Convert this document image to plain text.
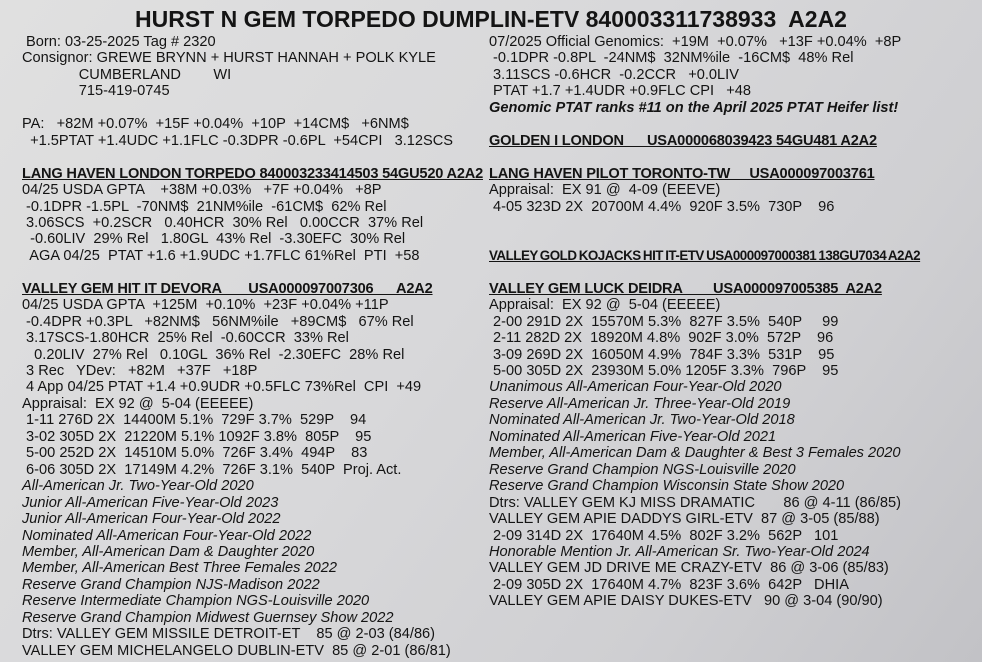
HURST N GEM TORPEDO DUMPLIN-ETV 840003311738933  A2A2
Born: 03-25-2025 Tag # 2320
Consignor: GREWE BRYNN + HURST HANNAH + POLK KYLE
CUMBERLAND        WI
715-419-0745
PA:   +82M +0.07%  +15F +0.04%  +10P  +14CM$   +6NM$
+1.5PTAT +1.4UDC +1.1FLC -0.3DPR -0.6PL  +54CPI   3.12SCS
LANG HAVEN LONDON TORPEDO 840003233414503 54GU520 A2A2
04/25 USDA GPTA    +38M +0.03%   +7F +0.04%   +8P
-0.1DPR -1.5PL  -70NM$  21NM%ile  -61CM$  62% Rel
3.06SCS  +0.2SCR   0.40HCR  30% Rel   0.00CCR  37% Rel
-0.60LIV  29% Rel   1.80GL  43% Rel  -3.30EFC  30% Rel
AGA 04/25  PTAT +1.6 +1.9UDC +1.7FLC 61%Rel  PTI  +58
VALLEY GEM HIT IT DEVORA       USA000097007306      A2A2
04/25 USDA GPTA  +125M  +0.10%  +23F +0.04% +11P
-0.4DPR +0.3PL   +82NM$   56NM%ile   +89CM$   67% Rel
3.17SCS-1.80HCR  25% Rel  -0.60CCR  33% Rel
0.20LIV  27% Rel   0.10GL  36% Rel  -2.30EFC  28% Rel
3 Rec   YDev:   +82M   +37F   +18P
4 App 04/25 PTAT +1.4 +0.9UDR +0.5FLC 73%Rel  CPI  +49
Appraisal:  EX 92 @  5-04 (EEEEE)
1-11 276D 2X  14400M 5.1%  729F 3.7%  529P    94
3-02 305D 2X  21220M 5.1% 1092F 3.8%  805P    95
5-00 252D 2X  14510M 5.0%  726F 3.4%  494P    83
6-06 305D 2X  17149M 4.2%  726F 3.1%  540P  Proj. Act.
All-American Jr. Two-Year-Old 2020
Junior All-American Five-Year-Old 2023
Junior All-American Four-Year-Old 2022
Nominated All-American Four-Year-Old 2022
Member, All-American Dam & Daughter 2020
Member, All-American Best Three Females 2022
Reserve Grand Champion NJS-Madison 2022
Reserve Intermediate Champion NGS-Louisville 2020
Reserve Grand Champion Midwest Guernsey Show 2022
Dtrs: VALLEY GEM MISSILE DETROIT-ET    85 @ 2-03 (84/86)
VALLEY GEM MICHELANGELO DUBLIN-ETV  85 @ 2-01 (86/81)
07/2025 Official Genomics:  +19M  +0.07%   +13F +0.04%  +8P
-0.1DPR -0.8PL  -24NM$  32NM%ile  -16CM$  48% Rel
3.11SCS -0.6HCR  -0.2CCR   +0.0LIV
PTAT +1.7 +1.4UDR +0.9FLC CPI   +48
Genomic PTAT ranks #11 on the April 2025 PTAT Heifer list!
GOLDEN I LONDON      USA000068039423 54GU481 A2A2
LANG HAVEN PILOT TORONTO-TW     USA000097003761
Appraisal:  EX 91 @  4-09 (EEEVE)
4-05 323D 2X  20700M 4.4%  920F 3.5%  730P    96
VALLEY GOLD KOJACKS HIT IT-ETV USA000097000381 138GU7034 A2A2
VALLEY GEM LUCK DEIDRA        USA000097005385  A2A2
Appraisal:  EX 92 @  5-04 (EEEEE)
2-00 291D 2X  15570M 5.3%  827F 3.5%  540P     99
2-11 282D 2X  18920M 4.8%  902F 3.0%  572P    96
3-09 269D 2X  16050M 4.9%  784F 3.3%  531P    95
5-00 305D 2X  23930M 5.0% 1205F 3.3%  796P    95
Unanimous All-American Four-Year-Old 2020
Reserve All-American Jr. Three-Year-Old 2019
Nominated All-American Jr. Two-Year-Old 2018
Nominated All-American Five-Year-Old 2021
Member, All-American Dam & Daughter & Best 3 Females 2020
Reserve Grand Champion NGS-Louisville 2020
Reserve Grand Champion Wisconsin State Show 2020
Dtrs: VALLEY GEM KJ MISS DRAMATIC       86 @ 4-11 (86/85)
VALLEY GEM APIE DADDYS GIRL-ETV  87 @ 3-05 (85/88)
2-09 314D 2X  17640M 4.5%  802F 3.2%  562P   101
Honorable Mention Jr. All-American Sr. Two-Year-Old 2024
VALLEY GEM JD DRIVE ME CRAZY-ETV  86 @ 3-06 (85/83)
2-09 305D 2X  17640M 4.7%  823F 3.6%  642P   DHIA
VALLEY GEM APIE DAISY DUKES-ETV   90 @ 3-04 (90/90)
